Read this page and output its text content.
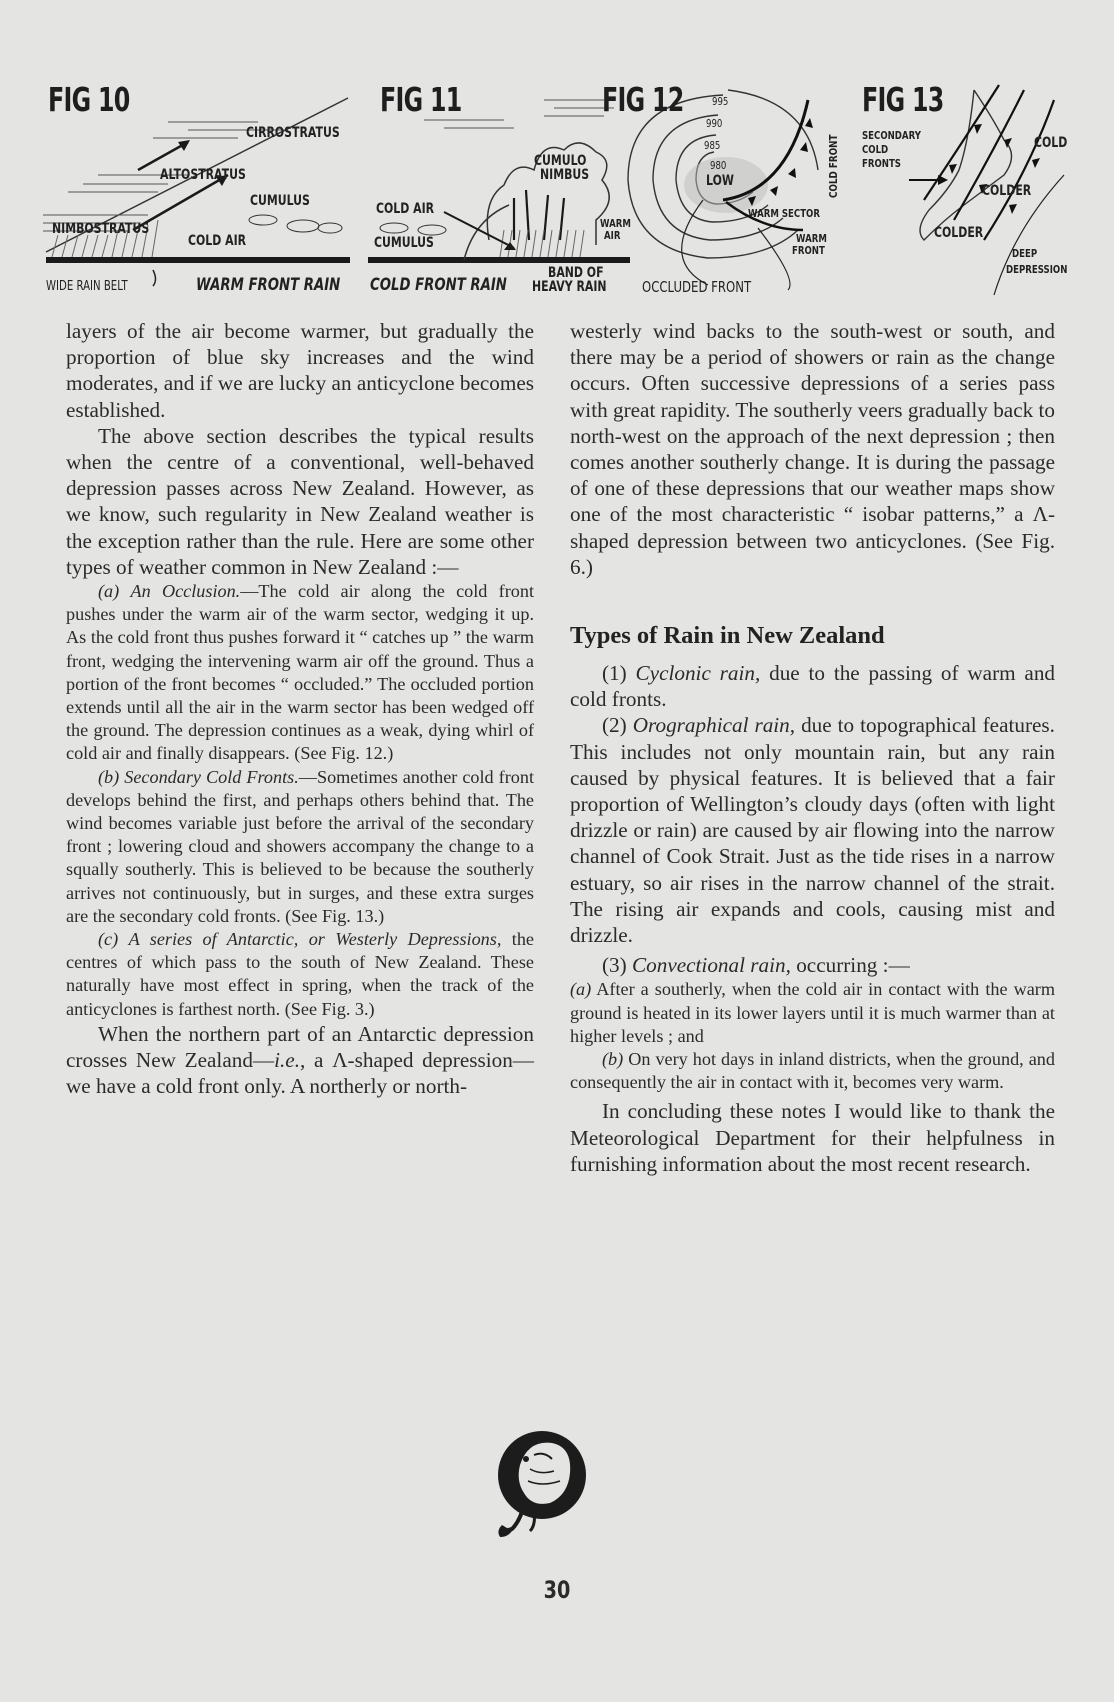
FIG 10
CIRROSTRATUS
ALTOSTRATUS
CUMULUS
NIMBOSTRATUS
COLD AIR
WIDE RAIN BELT	WARM FRONT RAIN
FIG 11
CUMULO
NIMBUS
COLD AIR
CUMULUS
WARM
AIR
BAND OF
HEAVY RAIN
COLD FRONT RAIN
FIG 12	995
990
985
980
LOW	COLD FRONT
WARM SECTOR
WARM
FRONT
OCCLUDED FRONT
FIG 13
SECONDARY
COLD
FRONTS
COLD
COLDER
COLDER
DEEP
DEPRESSION

layers of the air become warmer, but gradually the proportion of blue sky increases and the wind moderates, and if we are lucky an anticyclone becomes established.

The above section describes the typical results when the centre of a conventional, well-behaved depression passes across New Zealand. However, as we know, such regularity in New Zealand weather is the exception rather than the rule. Here are some other types of weather common in New Zealand :—

(a) An Occlusion.—The cold air along the cold front pushes under the warm air of the warm sector, wedging it up. As the cold front thus pushes forward it “ catches up ” the warm front, wedging the intervening warm air off the ground. Thus a portion of the front becomes “ occluded.” The occluded portion extends until all the air in the warm sector has been wedged off the ground. The depression continues as a weak, dying whirl of cold air and finally disappears. (See Fig. 12.)

(b) Secondary Cold Fronts.—Sometimes another cold front develops behind the first, and perhaps others behind that. The wind becomes variable just before the arrival of the secondary front ; lowering cloud and showers accompany the change to a squally southerly. This is believed to be because the southerly arrives not continuously, but in surges, and these extra surges are the secondary cold fronts. (See Fig. 13.)

(c) A series of Antarctic, or Westerly Depressions, the centres of which pass to the south of New Zealand. These naturally have most effect in spring, when the track of the anticyclones is farthest north. (See Fig. 3.)

When the northern part of an Antarctic depression crosses New Zealand—i.e., a Λ-shaped depression—we have a cold front only. A northerly or north-

westerly wind backs to the south-west or south, and there may be a period of showers or rain as the change occurs. Often successive depressions of a series pass with great rapidity. The southerly veers gradually back to north-west on the approach of the next depression ; then comes another southerly change. It is during the passage of one of these depressions that our weather maps show one of the most characteristic “ isobar patterns,” a Λ-shaped depression between two anticyclones. (See Fig. 6.)

Types of Rain in New Zealand

(1) Cyclonic rain, due to the passing of warm and cold fronts.

(2) Orographical rain, due to topographical features. This includes not only mountain rain, but any rain caused by physical features. It is believed that a fair proportion of Wellington’s cloudy days (often with light drizzle or rain) are caused by air flowing into the narrow channel of Cook Strait. Just as the tide rises in a narrow estuary, so air rises in the narrow channel of the strait. The rising air expands and cools, causing mist and drizzle.

(3) Convectional rain, occurring :—

(a) After a southerly, when the cold air in contact with the warm ground is heated in its lower layers until it is much warmer than at higher levels ; and

(b) On very hot days in inland districts, when the ground, and consequently the air in contact with it, becomes very warm.

In concluding these notes I would like to thank the Meteorological Department for their helpfulness in furnishing information about the most recent research.

30
